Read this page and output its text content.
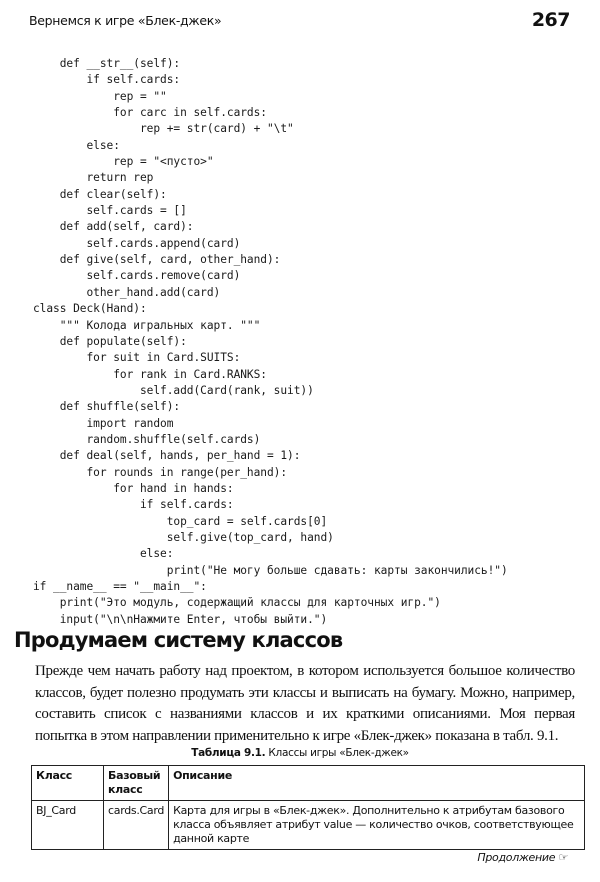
Вернемся к игре «Блек-джек»	267
def __str__(self):
if self.cards:
rep = ""
for carc in self.cards:
rep += str(card) + "\t"
else:
rep = "<пусто>"
return rep
def clear(self):
self.cards = []
def add(self, card):
self.cards.append(card)
def give(self, card, other_hand):
self.cards.remove(card)
other_hand.add(card)
class Deck(Hand):
""" Колода игральных карт. """
def populate(self):
for suit in Card.SUITS:
for rank in Card.RANKS:
self.add(Card(rank, suit))
def shuffle(self):
import random
random.shuffle(self.cards)
def deal(self, hands, per_hand = 1):
for rounds in range(per_hand):
for hand in hands:
if self.cards:
top_card = self.cards[0]
self.give(top_card, hand)
else:
print("Не могу больше сдавать: карты закончились!")
if __name__ == "__main__":
print("Это модуль, содержащий классы для карточных игр.")
input("\n\nНажмите Enter, чтобы выйти.")
Продумаем систему классов

Прежде чем начать работу над проектом, в котором используется большое количество классов, будет полезно продумать эти классы и выписать на бумагу. Можно, например, составить список с названиями классов и их краткими описаниями. Моя первая попытка в этом направлении применительно к игре «Блек-джек» показана в табл. 9.1.

Таблица 9.1. Классы игры «Блек-джек»
Класс	Базовый класс	Описание
BJ_Card	cards.Card	Карта для игры в «Блек-джек». Дополнительно к атрибутам базового класса объявляет атрибут value — количество очков, соответствующее данной карте
Продолжение ☞
